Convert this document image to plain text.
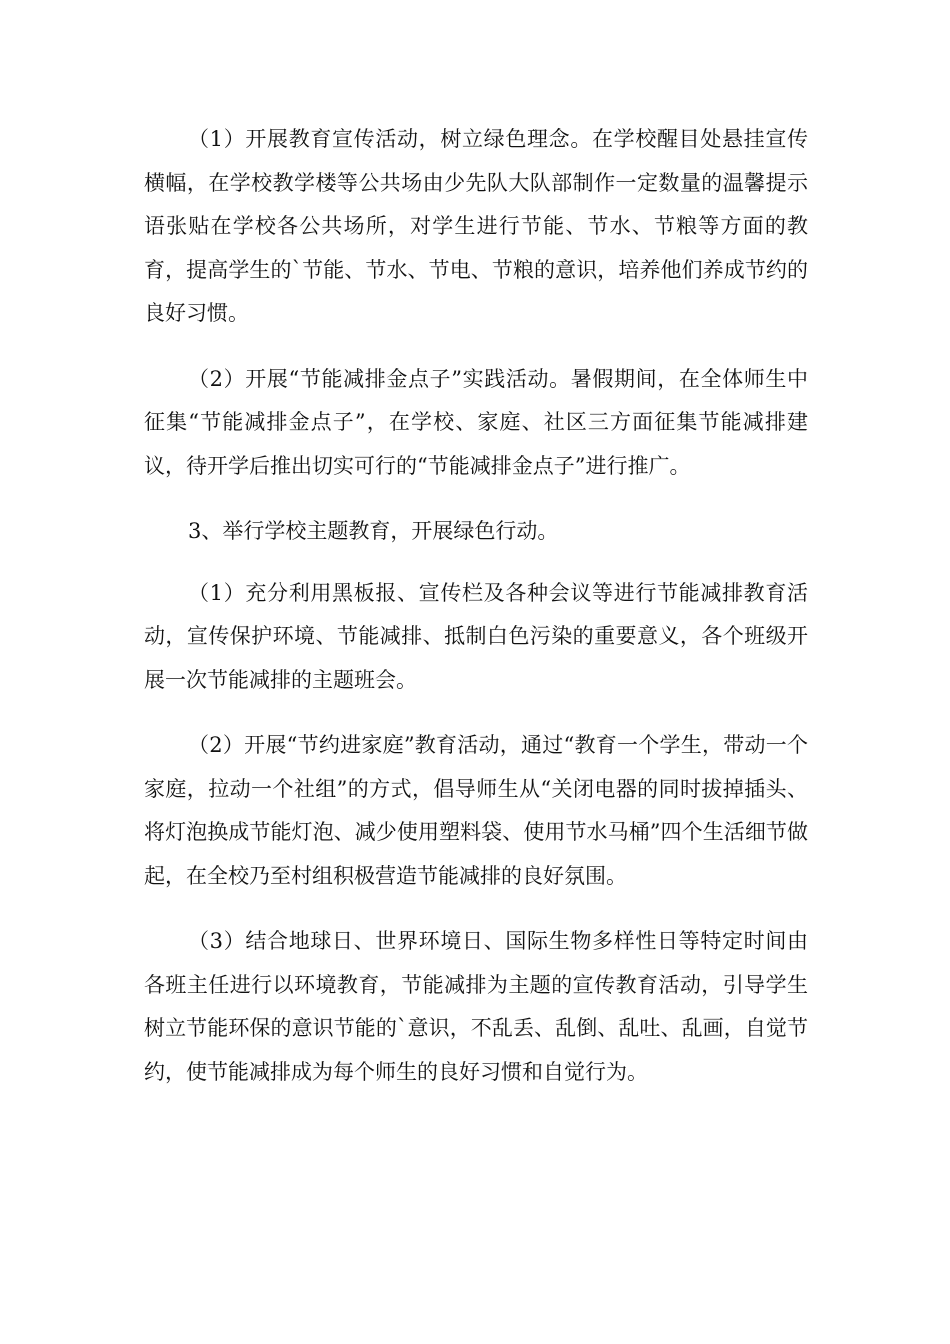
（1）开展教育宣传活动，树立绿色理念。在学校醒目处悬挂宣传横幅，在学校教学楼等公共场由少先队大队部制作一定数量的温馨提示语张贴在学校各公共场所，对学生进行节能、节水、节粮等方面的教育，提高学生的`节能、节水、节电、节粮的意识，培养他们养成节约的良好习惯。

（2）开展“节能减排金点子”实践活动。暑假期间，在全体师生中征集“节能减排金点子”，在学校、家庭、社区三方面征集节能减排建议，待开学后推出切实可行的“节能减排金点子”进行推广。

3、举行学校主题教育，开展绿色行动。

（1）充分利用黑板报、宣传栏及各种会议等进行节能减排教育活动，宣传保护环境、节能减排、抵制白色污染的重要意义，各个班级开展一次节能减排的主题班会。

（2）开展“节约进家庭”教育活动，通过“教育一个学生，带动一个家庭，拉动一个社组”的方式，倡导师生从“关闭电器的同时拔掉插头、将灯泡换成节能灯泡、减少使用塑料袋、使用节水马桶”四个生活细节做起，在全校乃至村组积极营造节能减排的良好氛围。

（3）结合地球日、世界环境日、国际生物多样性日等特定时间由各班主任进行以环境教育，节能减排为主题的宣传教育活动，引导学生树立节能环保的意识节能的`意识，不乱丢、乱倒、乱吐、乱画，自觉节约，使节能减排成为每个师生的良好习惯和自觉行为。
